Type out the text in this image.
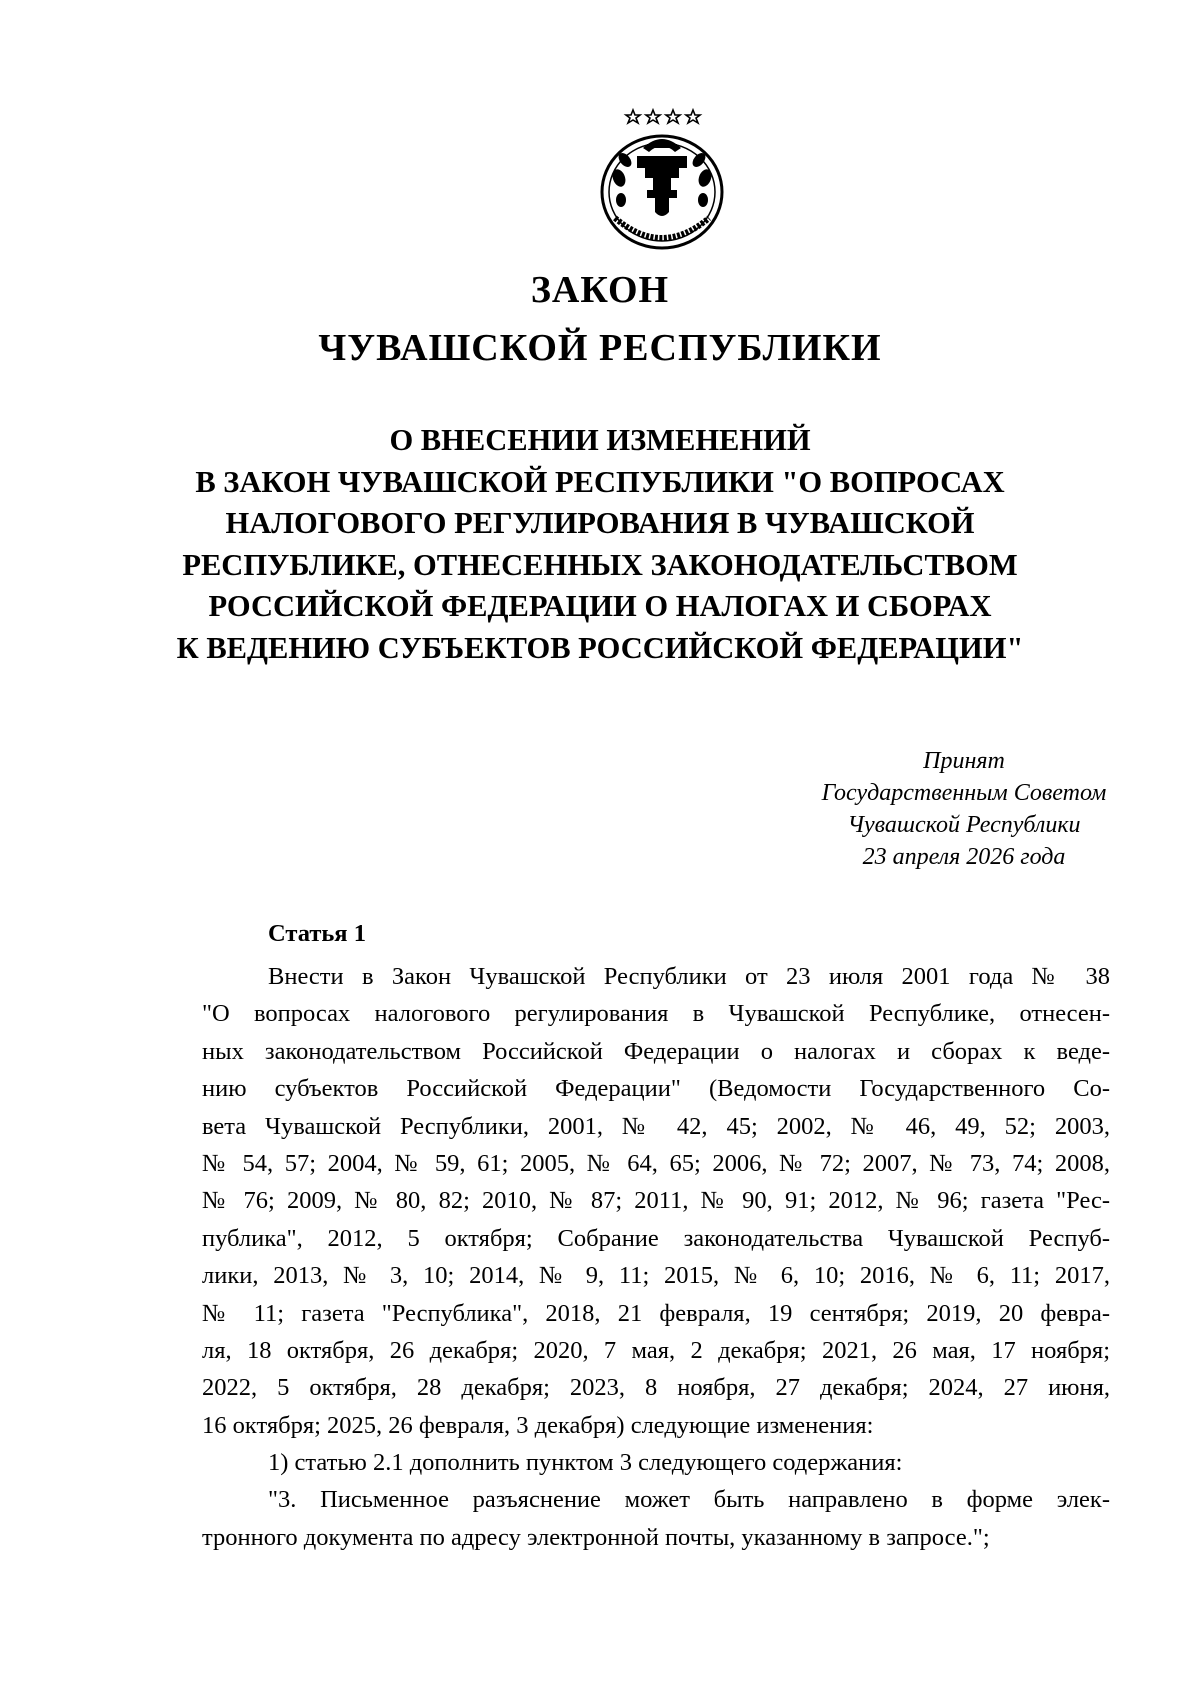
ЗАКОН
ЧУВАШСКОЙ РЕСПУБЛИКИ
О ВНЕСЕНИИ ИЗМЕНЕНИЙ
В ЗАКОН ЧУВАШСКОЙ РЕСПУБЛИКИ "О ВОПРОСАХ
НАЛОГОВОГО РЕГУЛИРОВАНИЯ В ЧУВАШСКОЙ
РЕСПУБЛИКЕ, ОТНЕСЕННЫХ ЗАКОНОДАТЕЛЬСТВОМ
РОССИЙСКОЙ ФЕДЕРАЦИИ О НАЛОГАХ И СБОРАХ
К ВЕДЕНИЮ СУБЪЕКТОВ РОССИЙСКОЙ ФЕДЕРАЦИИ"
Принят
Государственным Советом
Чувашской Республики
23 апреля 2026 года
Статья 1
Внести в Закон Чувашской Республики от 23 июля 2001 года № 38
"О вопросах налогового регулирования в Чувашской Республике, отнесен-
ных законодательством Российской Федерации о налогах и сборах к веде-
нию субъектов Российской Федерации" (Ведомости Государственного Со-
вета Чувашской Республики, 2001, № 42, 45; 2002, № 46, 49, 52; 2003,
№ 54, 57; 2004, № 59, 61; 2005, № 64, 65; 2006, № 72; 2007, № 73, 74; 2008,
№ 76; 2009, № 80, 82; 2010, № 87; 2011, № 90, 91; 2012, № 96; газета "Рес-
публика", 2012, 5 октября; Собрание законодательства Чувашской Респуб-
лики, 2013, № 3, 10; 2014, № 9, 11; 2015, № 6, 10; 2016, № 6, 11; 2017,
№ 11; газета "Республика", 2018, 21 февраля, 19 сентября; 2019, 20 февра-
ля, 18 октября, 26 декабря; 2020, 7 мая, 2 декабря; 2021, 26 мая, 17 ноября;
2022, 5 октября, 28 декабря; 2023, 8 ноября, 27 декабря; 2024, 27 июня,
16 октября; 2025, 26 февраля, 3 декабря) следующие изменения:
1) статью 2.1 дополнить пунктом 3 следующего содержания:
"3. Письменное разъяснение может быть направлено в форме элек-
тронного документа по адресу электронной почты, указанному в запросе.";
